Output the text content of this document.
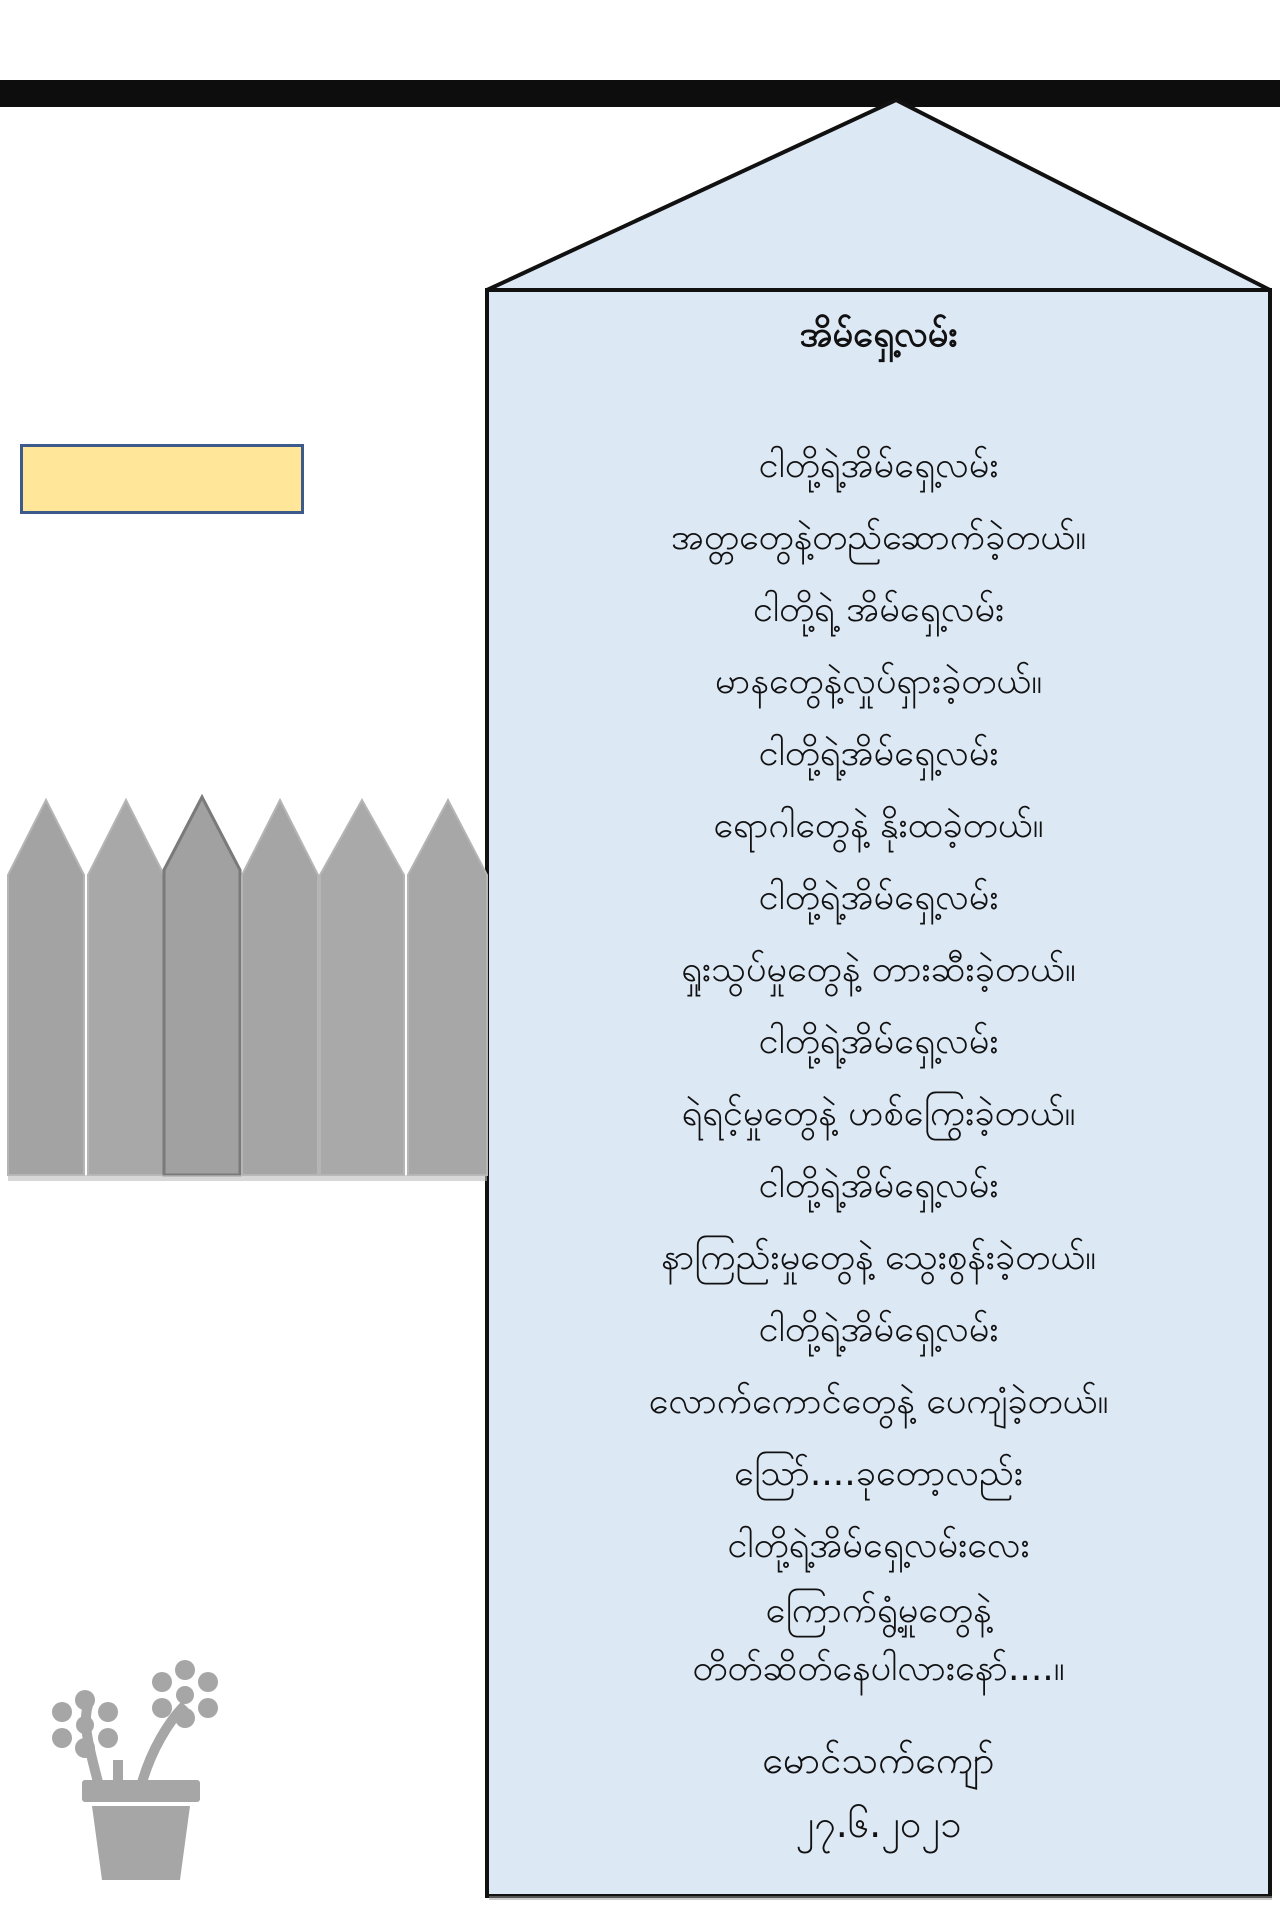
အိမ်ရှေ့လမ်း
ငါတို့ရဲ့အိမ်ရှေ့လမ်း
အတ္တတွေနဲ့တည်ဆောက်ခဲ့တယ်။
ငါတို့ရဲ့ အိမ်ရှေ့လမ်း
မာနတွေနဲ့လှုပ်ရှားခဲ့တယ်။
ငါတို့ရဲ့အိမ်ရှေ့လမ်း
ရောဂါတွေနဲ့ နိုးထခဲ့တယ်။
ငါတို့ရဲ့အိမ်ရှေ့လမ်း
ရှုးသွပ်မှုတွေနဲ့ တားဆီးခဲ့တယ်။
ငါတို့ရဲ့အိမ်ရှေ့လမ်း
ရဲရင့်မှုတွေနဲ့ ဟစ်ကြွေးခဲ့တယ်။
ငါတို့ရဲ့အိမ်ရှေ့လမ်း
နာကြည်းမှုတွေနဲ့ သွေးစွန်းခဲ့တယ်။
ငါတို့ရဲ့အိမ်ရှေ့လမ်း
လောက်ကောင်တွေနဲ့ ပေကျံခဲ့တယ်။
သြော်....ခုတော့လည်း
ငါတို့ရဲ့အိမ်ရှေ့လမ်းလေး
ကြောက်ရွံ့မှုတွေနဲ့
တိတ်ဆိတ်နေပါလားနော်....။
မောင်သက်ကျော်
၂၇.၆.၂၀၂၁
